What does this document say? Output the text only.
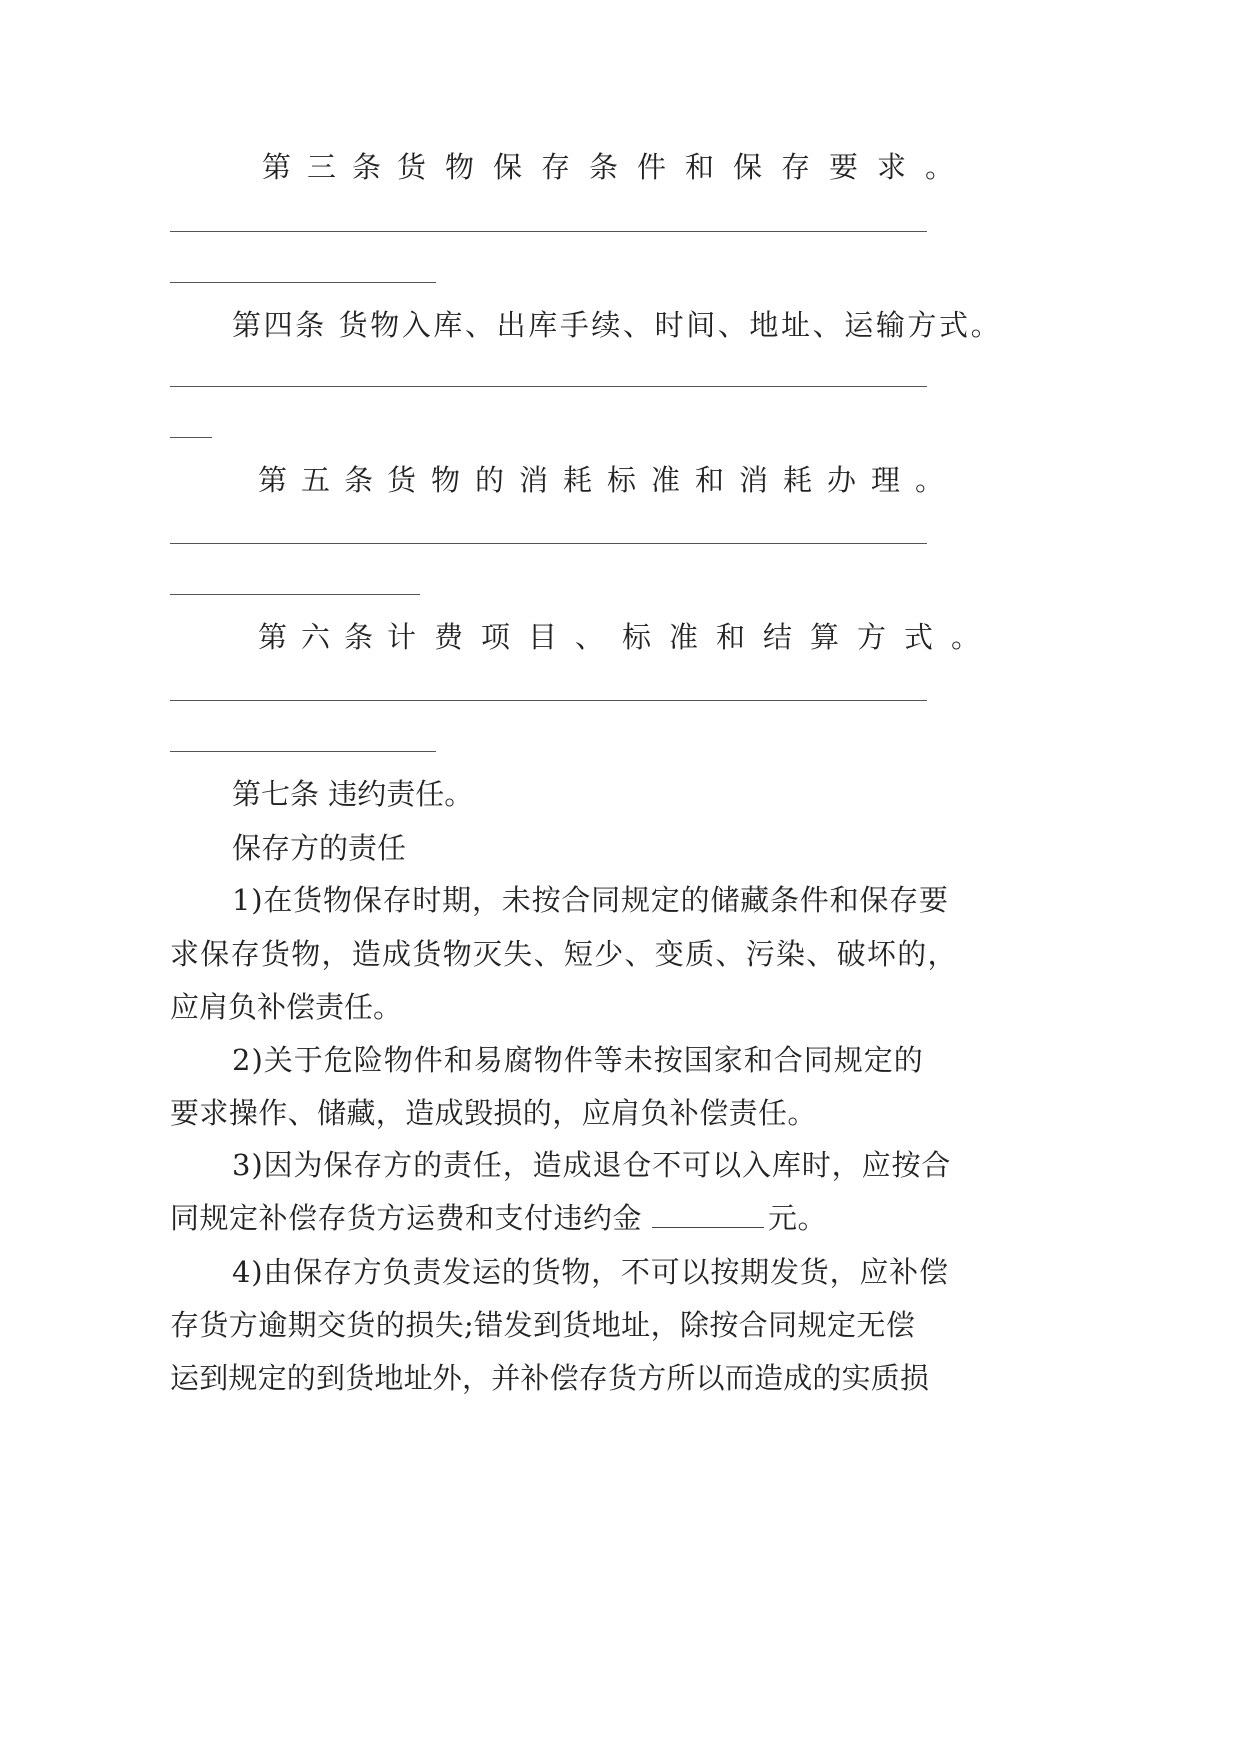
第三条 货物保存条件和保存要求。
第四条 货物入库、出库手续、时间、地址、运输方式。
第五条 货物的消耗标准和消耗办理。
第六条 计费项目、标准和结算方式。
第七条 违约责任。
保存方的责任
1)在货物保存时期，未按合同规定的储藏条件和保存要
求保存货物，造成货物灭失、短少、变质、污染、破坏的，
应肩负补偿责任。
2)关于危险物件和易腐物件等未按国家和合同规定的
要求操作、储藏，造成毁损的，应肩负补偿责任。
3)因为保存方的责任，造成退仓不可以入库时，应按合
同规定补偿存货方运费和支付违约金	元。
4)由保存方负责发运的货物，不可以按期发货，应补偿
存货方逾期交货的损失;错发到货地址，除按合同规定无偿
运到规定的到货地址外，并补偿存货方所以而造成的实质损
